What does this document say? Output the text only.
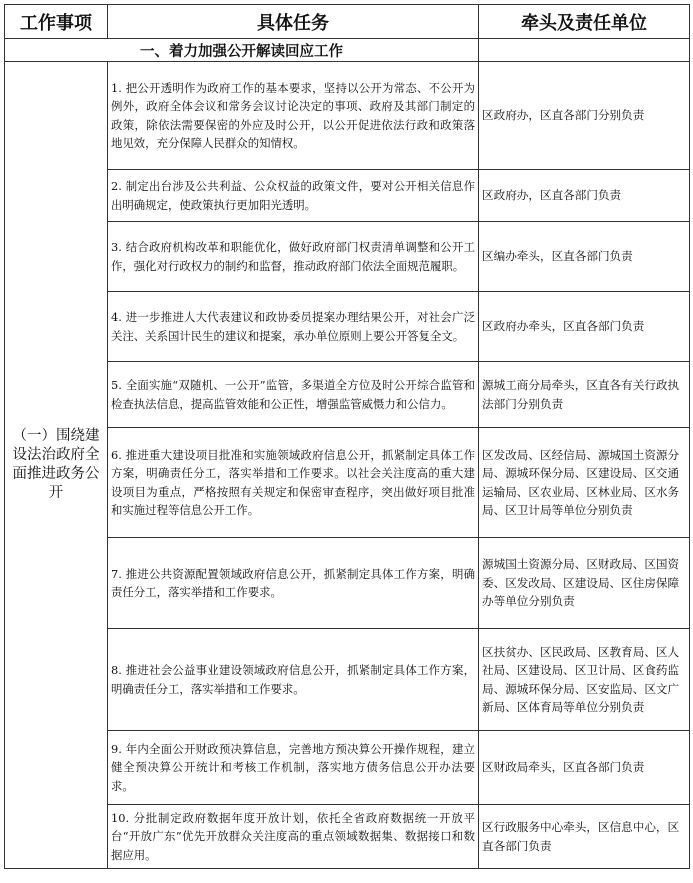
工作事项	具体任务	牵头及责任单位
一、着力加强公开解读回应工作		
（一）围绕建设法治政府全面推进政务公开	1. 把公开透明作为政府工作的基本要求，坚持以公开为常态、不公开为例外，政府全体会议和常务会议讨论决定的事项、政府及其部门制定的政策，除依法需要保密的外应及时公开，以公开促进依法行政和政策落地见效，充分保障人民群众的知情权。	区政府办，区直各部门分别负责
	2. 制定出台涉及公共利益、公众权益的政策文件，要对公开相关信息作出明确规定，使政策执行更加阳光透明。	区政府办，区直各部门负责
	3. 结合政府机构改革和职能优化，做好政府部门权责清单调整和公开工作，强化对行政权力的制约和监督，推动政府部门依法全面规范履职。	区编办牵头，区直各部门负责
	4. 进一步推进人大代表建议和政协委员提案办理结果公开，对社会广泛关注、关系国计民生的建议和提案，承办单位原则上要公开答复全文。	区政府办牵头，区直各部门负责
	5. 全面实施“双随机、一公开”监管，多渠道全方位及时公开综合监管和检查执法信息，提高监管效能和公正性，增强监管威慑力和公信力。	源城工商分局牵头，区直各有关行政执法部门分别负责
	6. 推进重大建设项目批准和实施领域政府信息公开，抓紧制定具体工作方案，明确责任分工，落实举措和工作要求。以社会关注度高的重大建设项目为重点，严格按照有关规定和保密审查程序，突出做好项目批准和实施过程等信息公开工作。	区发改局、区经信局、源城国土资源分局、源城环保分局、区建设局、区交通运输局、区农业局、区林业局、区水务局、区卫计局等单位分别负责
	7. 推进公共资源配置领域政府信息公开，抓紧制定具体工作方案，明确责任分工，落实举措和工作要求。	源城国土资源分局、区财政局、区国资委、区发改局、区建设局、区住房保障办等单位分别负责
	8. 推进社会公益事业建设领域政府信息公开，抓紧制定具体工作方案，明确责任分工，落实举措和工作要求。	区扶贫办、区民政局、区教育局、区人社局、区建设局、区卫计局、区食药监局、源城环保分局、区安监局、区文广新局、区体育局等单位分别负责
	9. 年内全面公开财政预决算信息，完善地方预决算公开操作规程，建立健全预决算公开统计和考核工作机制，落实地方债务信息公开办法要求。	区财政局牵头，区直各部门负责
	10. 分批制定政府数据年度开放计划，依托全省政府数据统一开放平台“开放广东”优先开放群众关注度高的重点领域数据集、数据接口和数据应用。	区行政服务中心牵头，区信息中心，区直各部门负责
